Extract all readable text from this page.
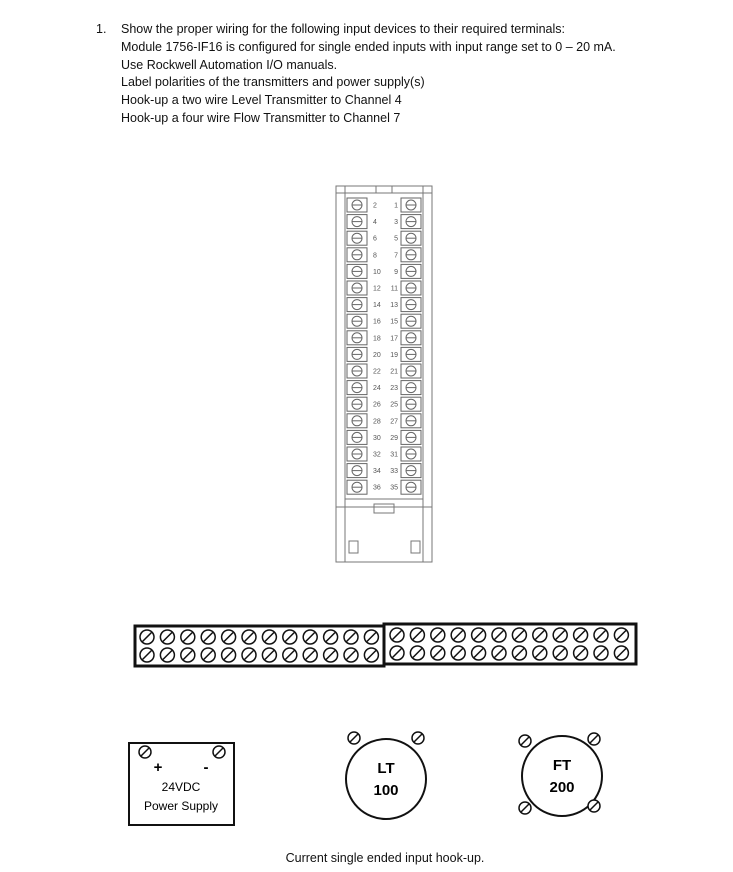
1. Show the proper wiring for the following input devices to their required terminals:
Module 1756-IF16 is configured for single ended inputs with input range set to 0 – 20 mA.
Use Rockwell Automation I/O manuals.
Label polarities of the transmitters and power supply(s)
Hook-up a two wire Level Transmitter to Channel 4
Hook-up a four wire Flow Transmitter to Channel 7
2 1
4 3
6 5
8 7
10 9
12 11
14 13
16 15
18 17
20 19
22 21
24 23
26 25
28 27
30 29
32 31
34 33
36 35
+	-
24VDC
Power Supply
LT
100
FT
200
Current single ended input hook-up.
